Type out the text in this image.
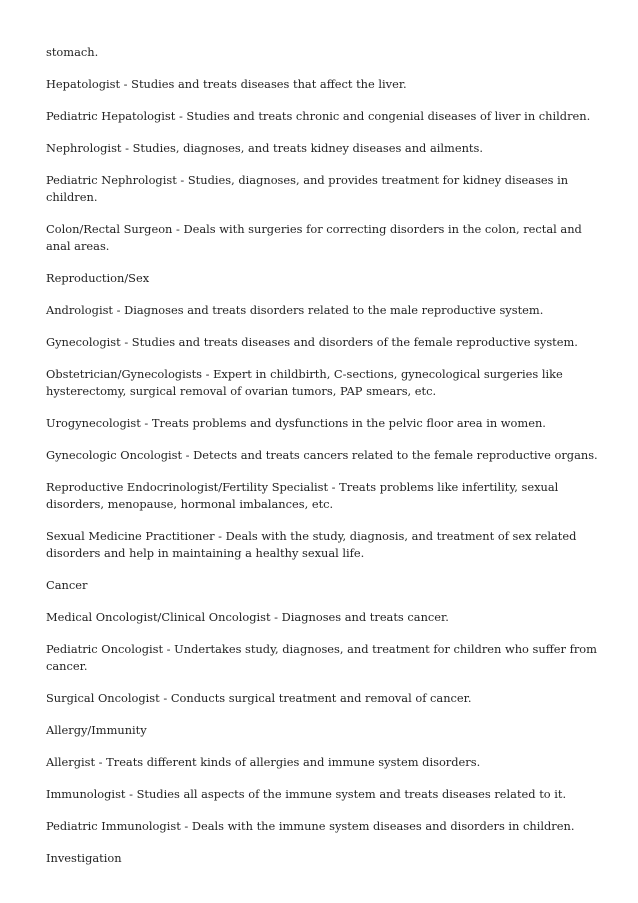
stomach.

Hepatologist - Studies and treats diseases that affect the liver.

Pediatric Hepatologist - Studies and treats chronic and congenial diseases of liver in children.

Nephrologist - Studies, diagnoses, and treats kidney diseases and ailments.

Pediatric Nephrologist - Studies, diagnoses, and provides treatment for kidney diseases in children.

Colon/Rectal Surgeon - Deals with surgeries for correcting disorders in the colon, rectal and anal areas.

Reproduction/Sex

Andrologist - Diagnoses and treats disorders related to the male reproductive system.

Gynecologist - Studies and treats diseases and disorders of the female reproductive system.

Obstetrician/Gynecologists - Expert in childbirth, C-sections, gynecological surgeries like hysterectomy, surgical removal of ovarian tumors, PAP smears, etc.

Urogynecologist - Treats problems and dysfunctions in the pelvic floor area in women.

Gynecologic Oncologist - Detects and treats cancers related to the female reproductive organs.

Reproductive Endocrinologist/Fertility Specialist - Treats problems like infertility, sexual disorders, menopause, hormonal imbalances, etc.

Sexual Medicine Practitioner - Deals with the study, diagnosis, and treatment of sex related disorders and help in maintaining a healthy sexual life.

Cancer

Medical Oncologist/Clinical Oncologist - Diagnoses and treats cancer.

Pediatric Oncologist - Undertakes study, diagnoses, and treatment for children who suffer from cancer.

Surgical Oncologist - Conducts surgical treatment and removal of cancer.

Allergy/Immunity

Allergist - Treats different kinds of allergies and immune system disorders.

Immunologist - Studies all aspects of the immune system and treats diseases related to it.

Pediatric Immunologist - Deals with the immune system diseases and disorders in children.

Investigation
